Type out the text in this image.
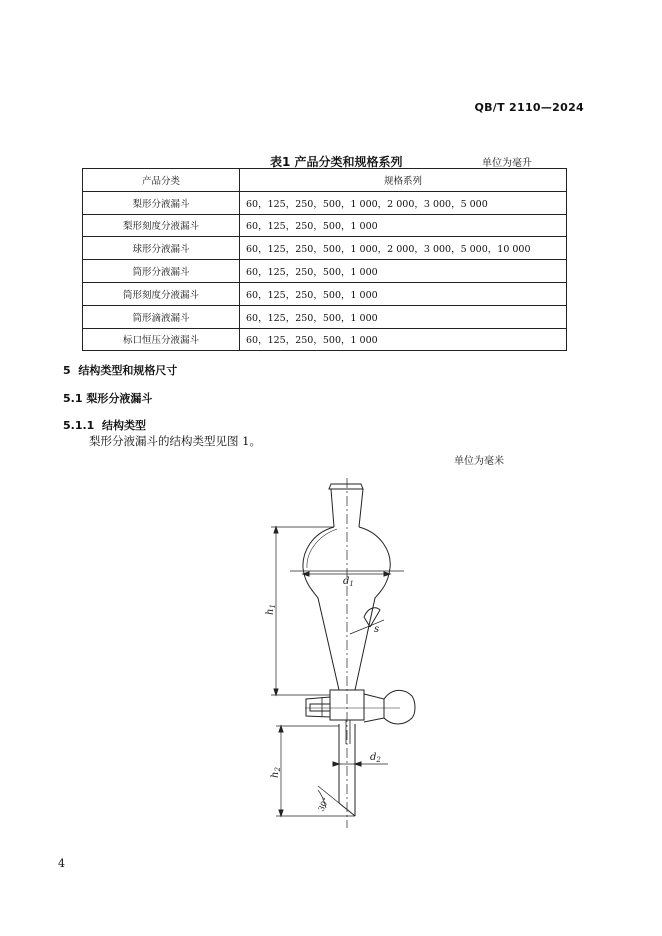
QB/T 2110—2024
表1 产品分类和规格系列	单位为毫升
产品分类	规格系列
梨形分液漏斗	60，125，250，500，1 000，2 000，3 000，5 000
梨形刻度分液漏斗	60，125，250，500，1 000
球形分液漏斗	60，125，250，500，1 000，2 000，3 000，5 000，10 000
筒形分液漏斗	60，125，250，500，1 000
筒形刻度分液漏斗	60，125，250，500，1 000
筒形滴液漏斗	60，125，250，500，1 000
标口恒压分液漏斗	60，125，250，500，1 000
5  结构类型和规格尺寸
5.1 梨形分液漏斗
5.1.1  结构类型
梨形分液漏斗的结构类型见图 1。
单位为毫米
$d_1$
s
$d_2$
$h_1$
$h_2$
30°
4
